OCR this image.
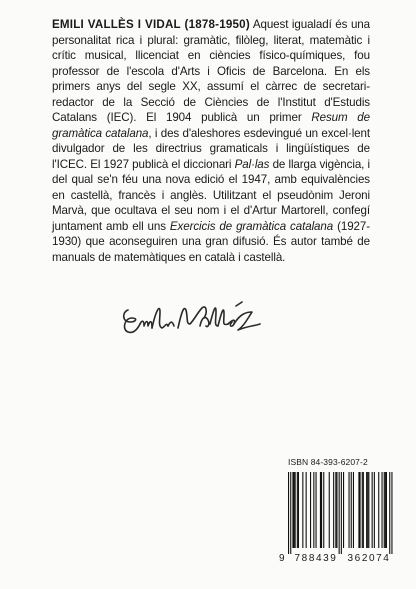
EMILI VALLÈS I VIDAL (1878-1950) Aquest igualadí és una personalitat rica i plural: gramàtic, filòleg, literat, matemàtic i crític musical, llicenciat en ciències físico-químiques, fou professor de l'escola d'Arts i Oficis de Barcelona. En els primers anys del segle XX, assumí el càrrec de secretari-redactor de la Secció de Ciències de l'Institut d'Estudis Catalans (IEC). El 1904 publicà un primer Resum de gramàtica catalana, i des d'aleshores esdevingué un excel·lent divulgador de les directrius gramaticals i lingüístiques de l'ICEC. El 1927 publicà el diccionari Pal·las de llarga vigència, i del qual se'n féu una nova edició el 1947, amb equivalències en castellà, francès i anglès. Utilitzant el pseudònim Jeroni Marvà, que ocultava el seu nom i el d'Artur Martorell, confegí juntament amb ell uns Exercicis de gramàtica catalana (1927-1930) que aconseguiren una gran difusió. És autor també de manuals de matemàtiques en català i castellà.

ISBN 84-393-6207-2
9 788439	362074
